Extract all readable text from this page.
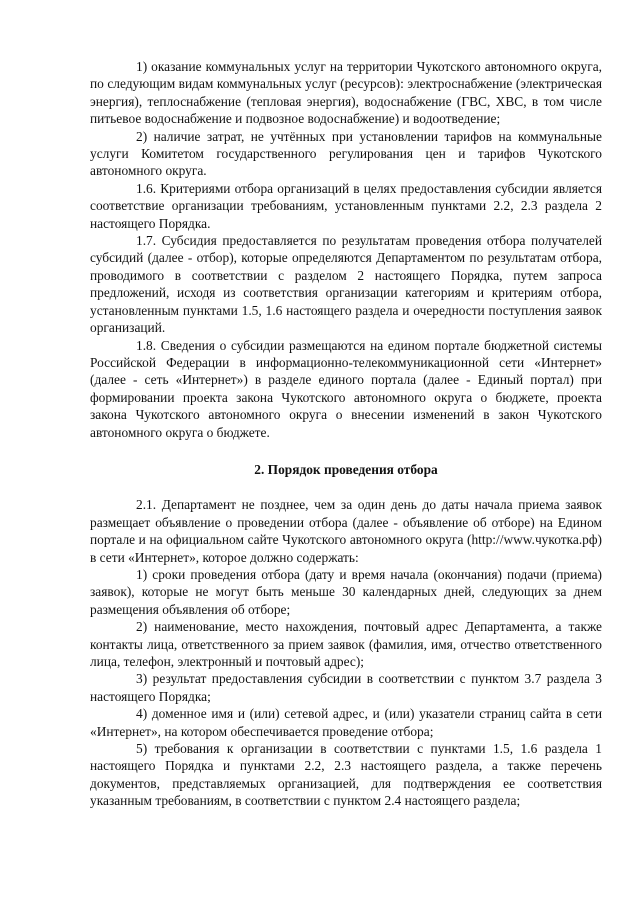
1) оказание коммунальных услуг на территории Чукотского автономного округа, по следующим видам коммунальных услуг (ресурсов): электроснабжение (электрическая энергия), теплоснабжение (тепловая энергия), водоснабжение (ГВС, ХВС, в том числе питьевое водоснабжение и подвозное водоснабжение) и водоотведение;

2) наличие затрат, не учтённых при установлении тарифов на коммунальные услуги Комитетом государственного регулирования цен и тарифов Чукотского автономного округа.

1.6. Критериями отбора организаций в целях предоставления субсидии является соответствие организации требованиям, установленным пунктами 2.2, 2.3 раздела 2 настоящего Порядка.

1.7. Субсидия предоставляется по результатам проведения отбора получателей субсидий (далее - отбор), которые определяются Департаментом по результатам отбора, проводимого в соответствии с разделом 2 настоящего Порядка, путем запроса предложений, исходя из соответствия организации категориям и критериям отбора, установленным пунктами 1.5, 1.6 настоящего раздела и очередности поступления заявок организаций.

1.8. Сведения о субсидии размещаются на едином портале бюджетной системы Российской Федерации в информационно-телекоммуникационной сети «Интернет» (далее - сеть «Интернет») в разделе единого портала (далее - Единый портал) при формировании проекта закона Чукотского автономного округа о бюджете, проекта закона Чукотского автономного округа о внесении изменений в закон Чукотского автономного округа о бюджете.

2. Порядок проведения отбора

2.1. Департамент не позднее, чем за один день до даты начала приема заявок размещает объявление о проведении отбора (далее - объявление об отборе) на Едином портале и на официальном сайте Чукотского автономного округа (http://www.чукотка.рф) в сети «Интернет», которое должно содержать:

1) сроки проведения отбора (дату и время начала (окончания) подачи (приема) заявок), которые не могут быть меньше 30 календарных дней, следующих за днем размещения объявления об отборе;

2) наименование, место нахождения, почтовый адрес Департамента, а также контакты лица, ответственного за прием заявок (фамилия, имя, отчество ответственного лица, телефон, электронный и почтовый адрес);

3) результат предоставления субсидии в соответствии с пунктом 3.7 раздела 3 настоящего Порядка;

4) доменное имя и (или) сетевой адрес, и (или) указатели страниц сайта в сети «Интернет», на котором обеспечивается проведение отбора;

5) требования к организации в соответствии с пунктами 1.5, 1.6 раздела 1 настоящего Порядка и пунктами 2.2, 2.3 настоящего раздела, а также перечень документов, представляемых организацией, для подтверждения ее соответствия указанным требованиям, в соответствии с пунктом 2.4 настоящего раздела;
